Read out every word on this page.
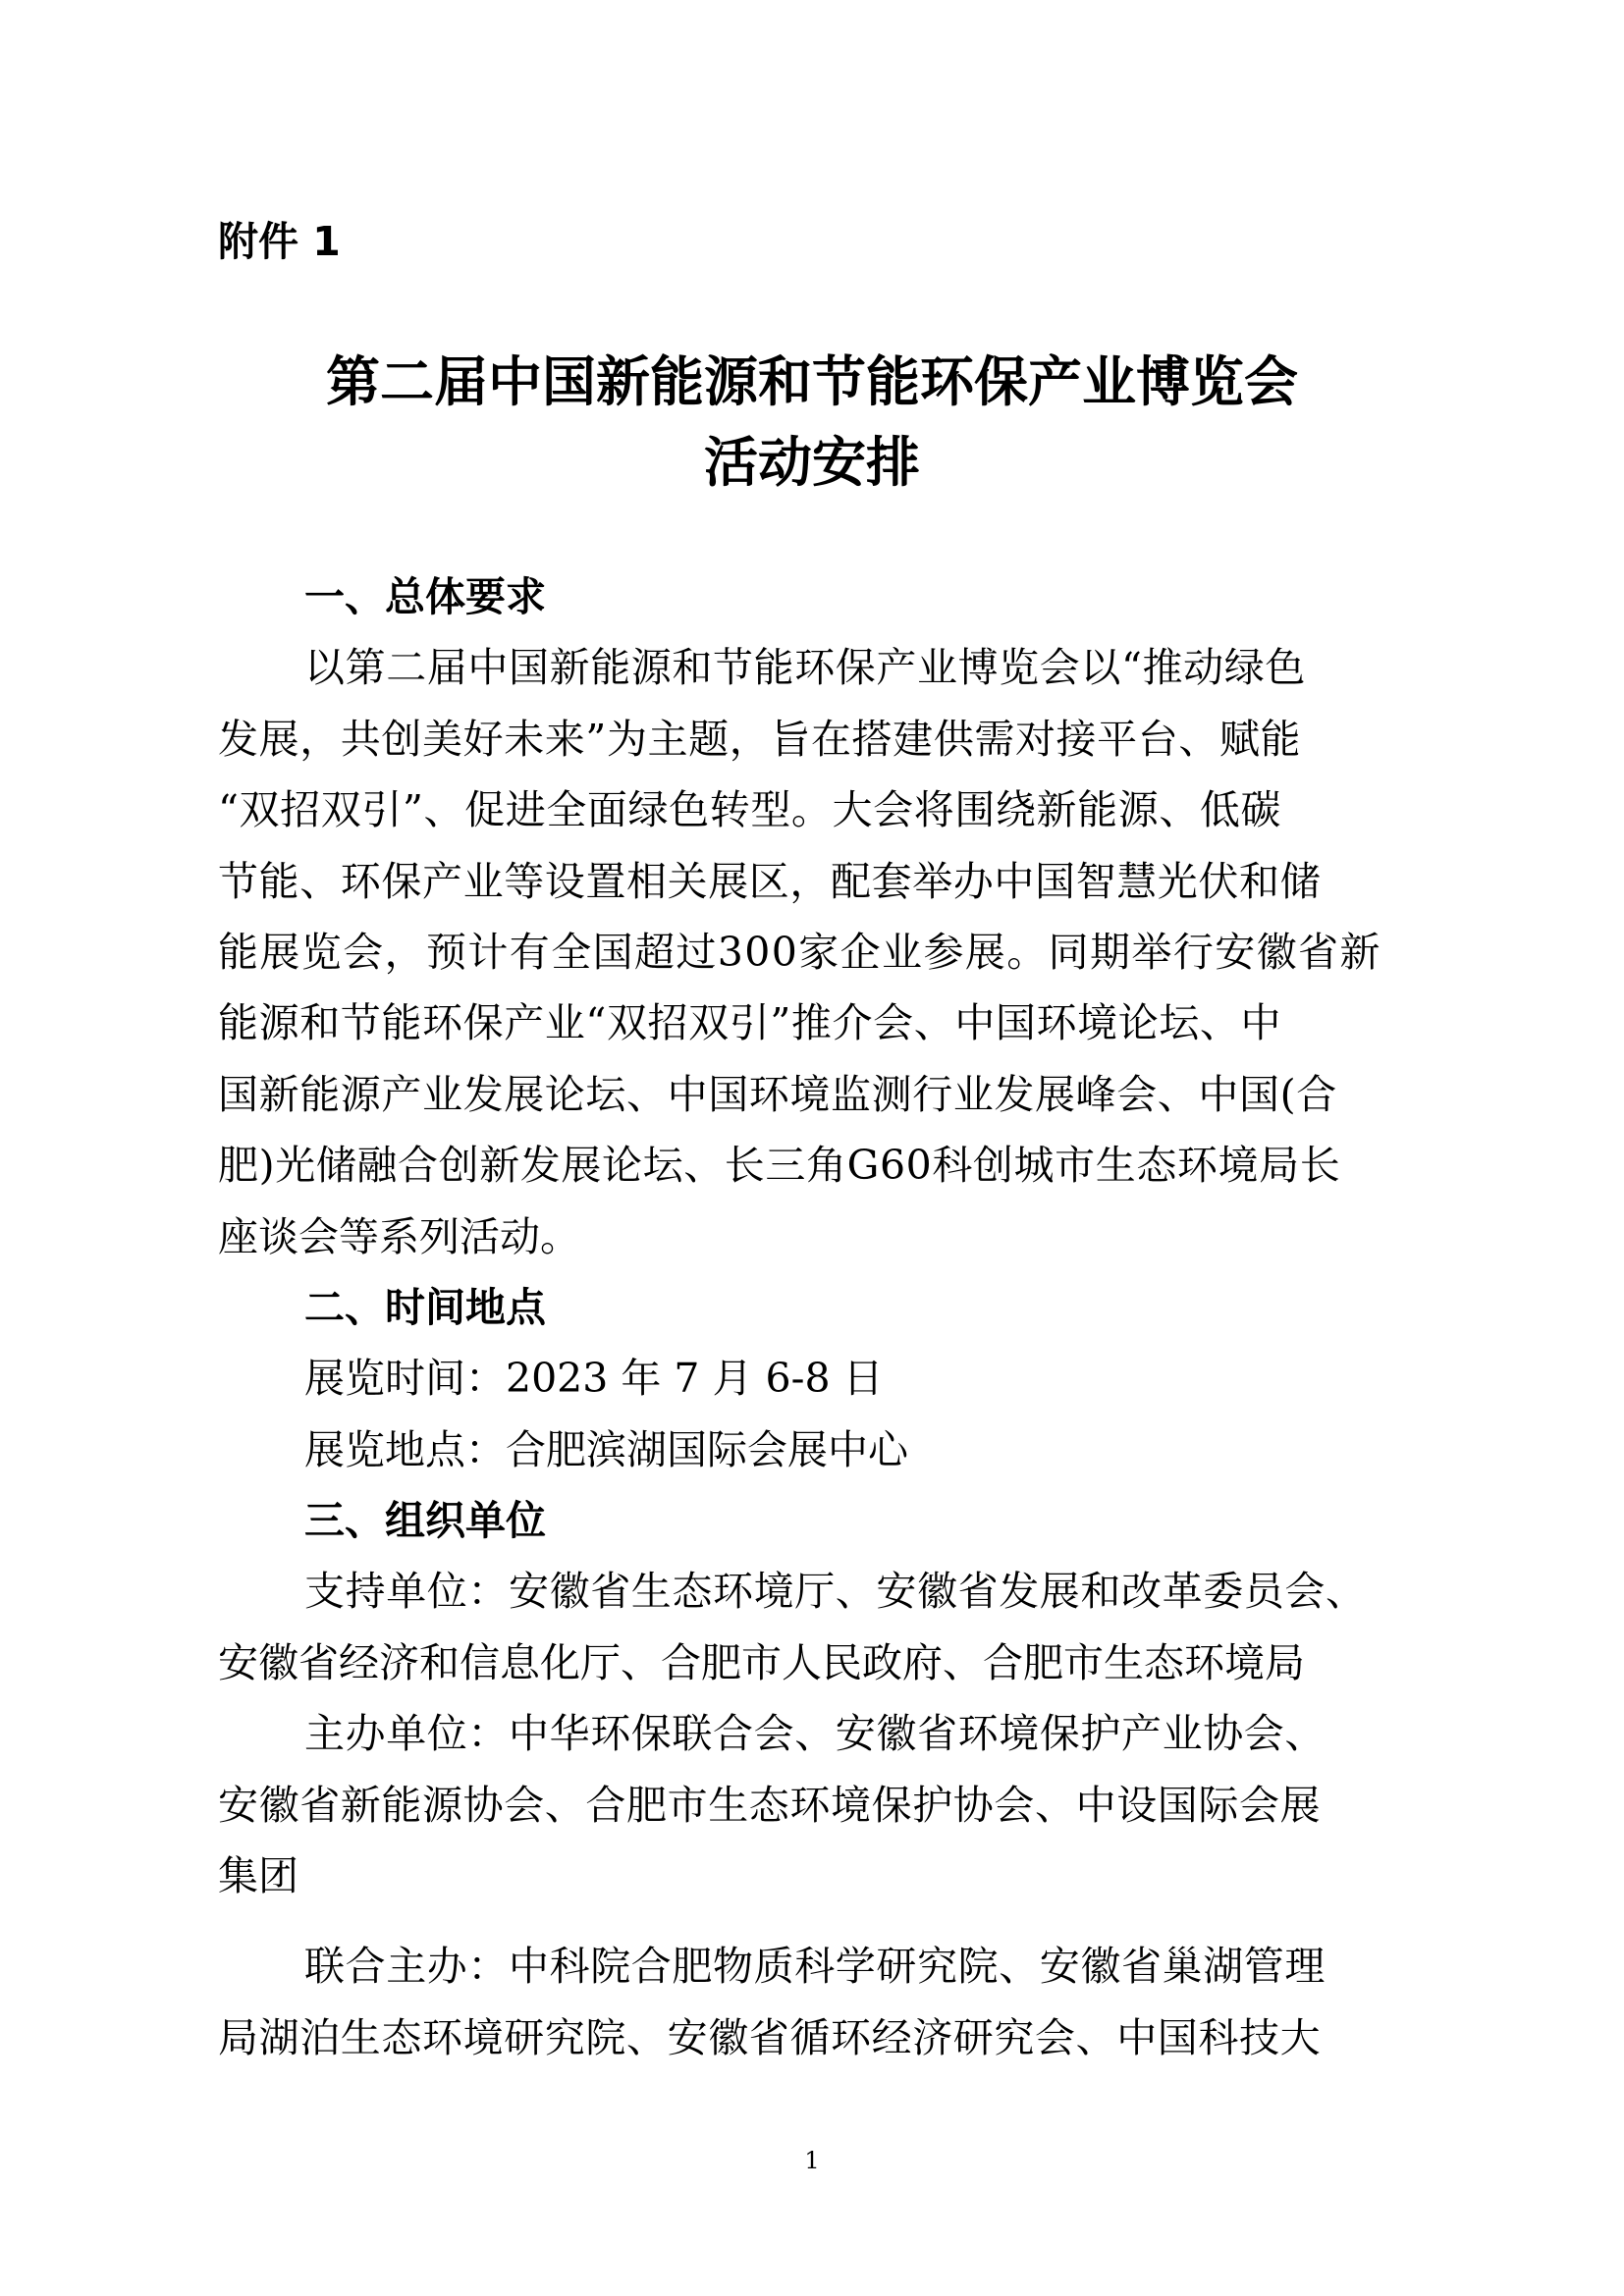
附件 1
第二届中国新能源和节能环保产业博览会
活动安排
一、总体要求
以第二届中国新能源和节能环保产业博览会以“推动绿色
发展，共创美好未来”为主题，旨在搭建供需对接平台、赋能
“双招双引”、促进全面绿色转型。大会将围绕新能源、低碳
节能、环保产业等设置相关展区，配套举办中国智慧光伏和储
能展览会，预计有全国超过300家企业参展。同期举行安徽省新
能源和节能环保产业“双招双引”推介会、中国环境论坛、中
国新能源产业发展论坛、中国环境监测行业发展峰会、中国(合
肥)光储融合创新发展论坛、长三角G60科创城市生态环境局长
座谈会等系列活动。
二、时间地点
展览时间：2023 年 7 月 6-8 日
展览地点：合肥滨湖国际会展中心
三、组织单位
支持单位：安徽省生态环境厅、安徽省发展和改革委员会、
安徽省经济和信息化厅、合肥市人民政府、合肥市生态环境局
主办单位：中华环保联合会、安徽省环境保护产业协会、
安徽省新能源协会、合肥市生态环境保护协会、中设国际会展
集团
联合主办：中科院合肥物质科学研究院、安徽省巢湖管理
局湖泊生态环境研究院、安徽省循环经济研究会、中国科技大
1
